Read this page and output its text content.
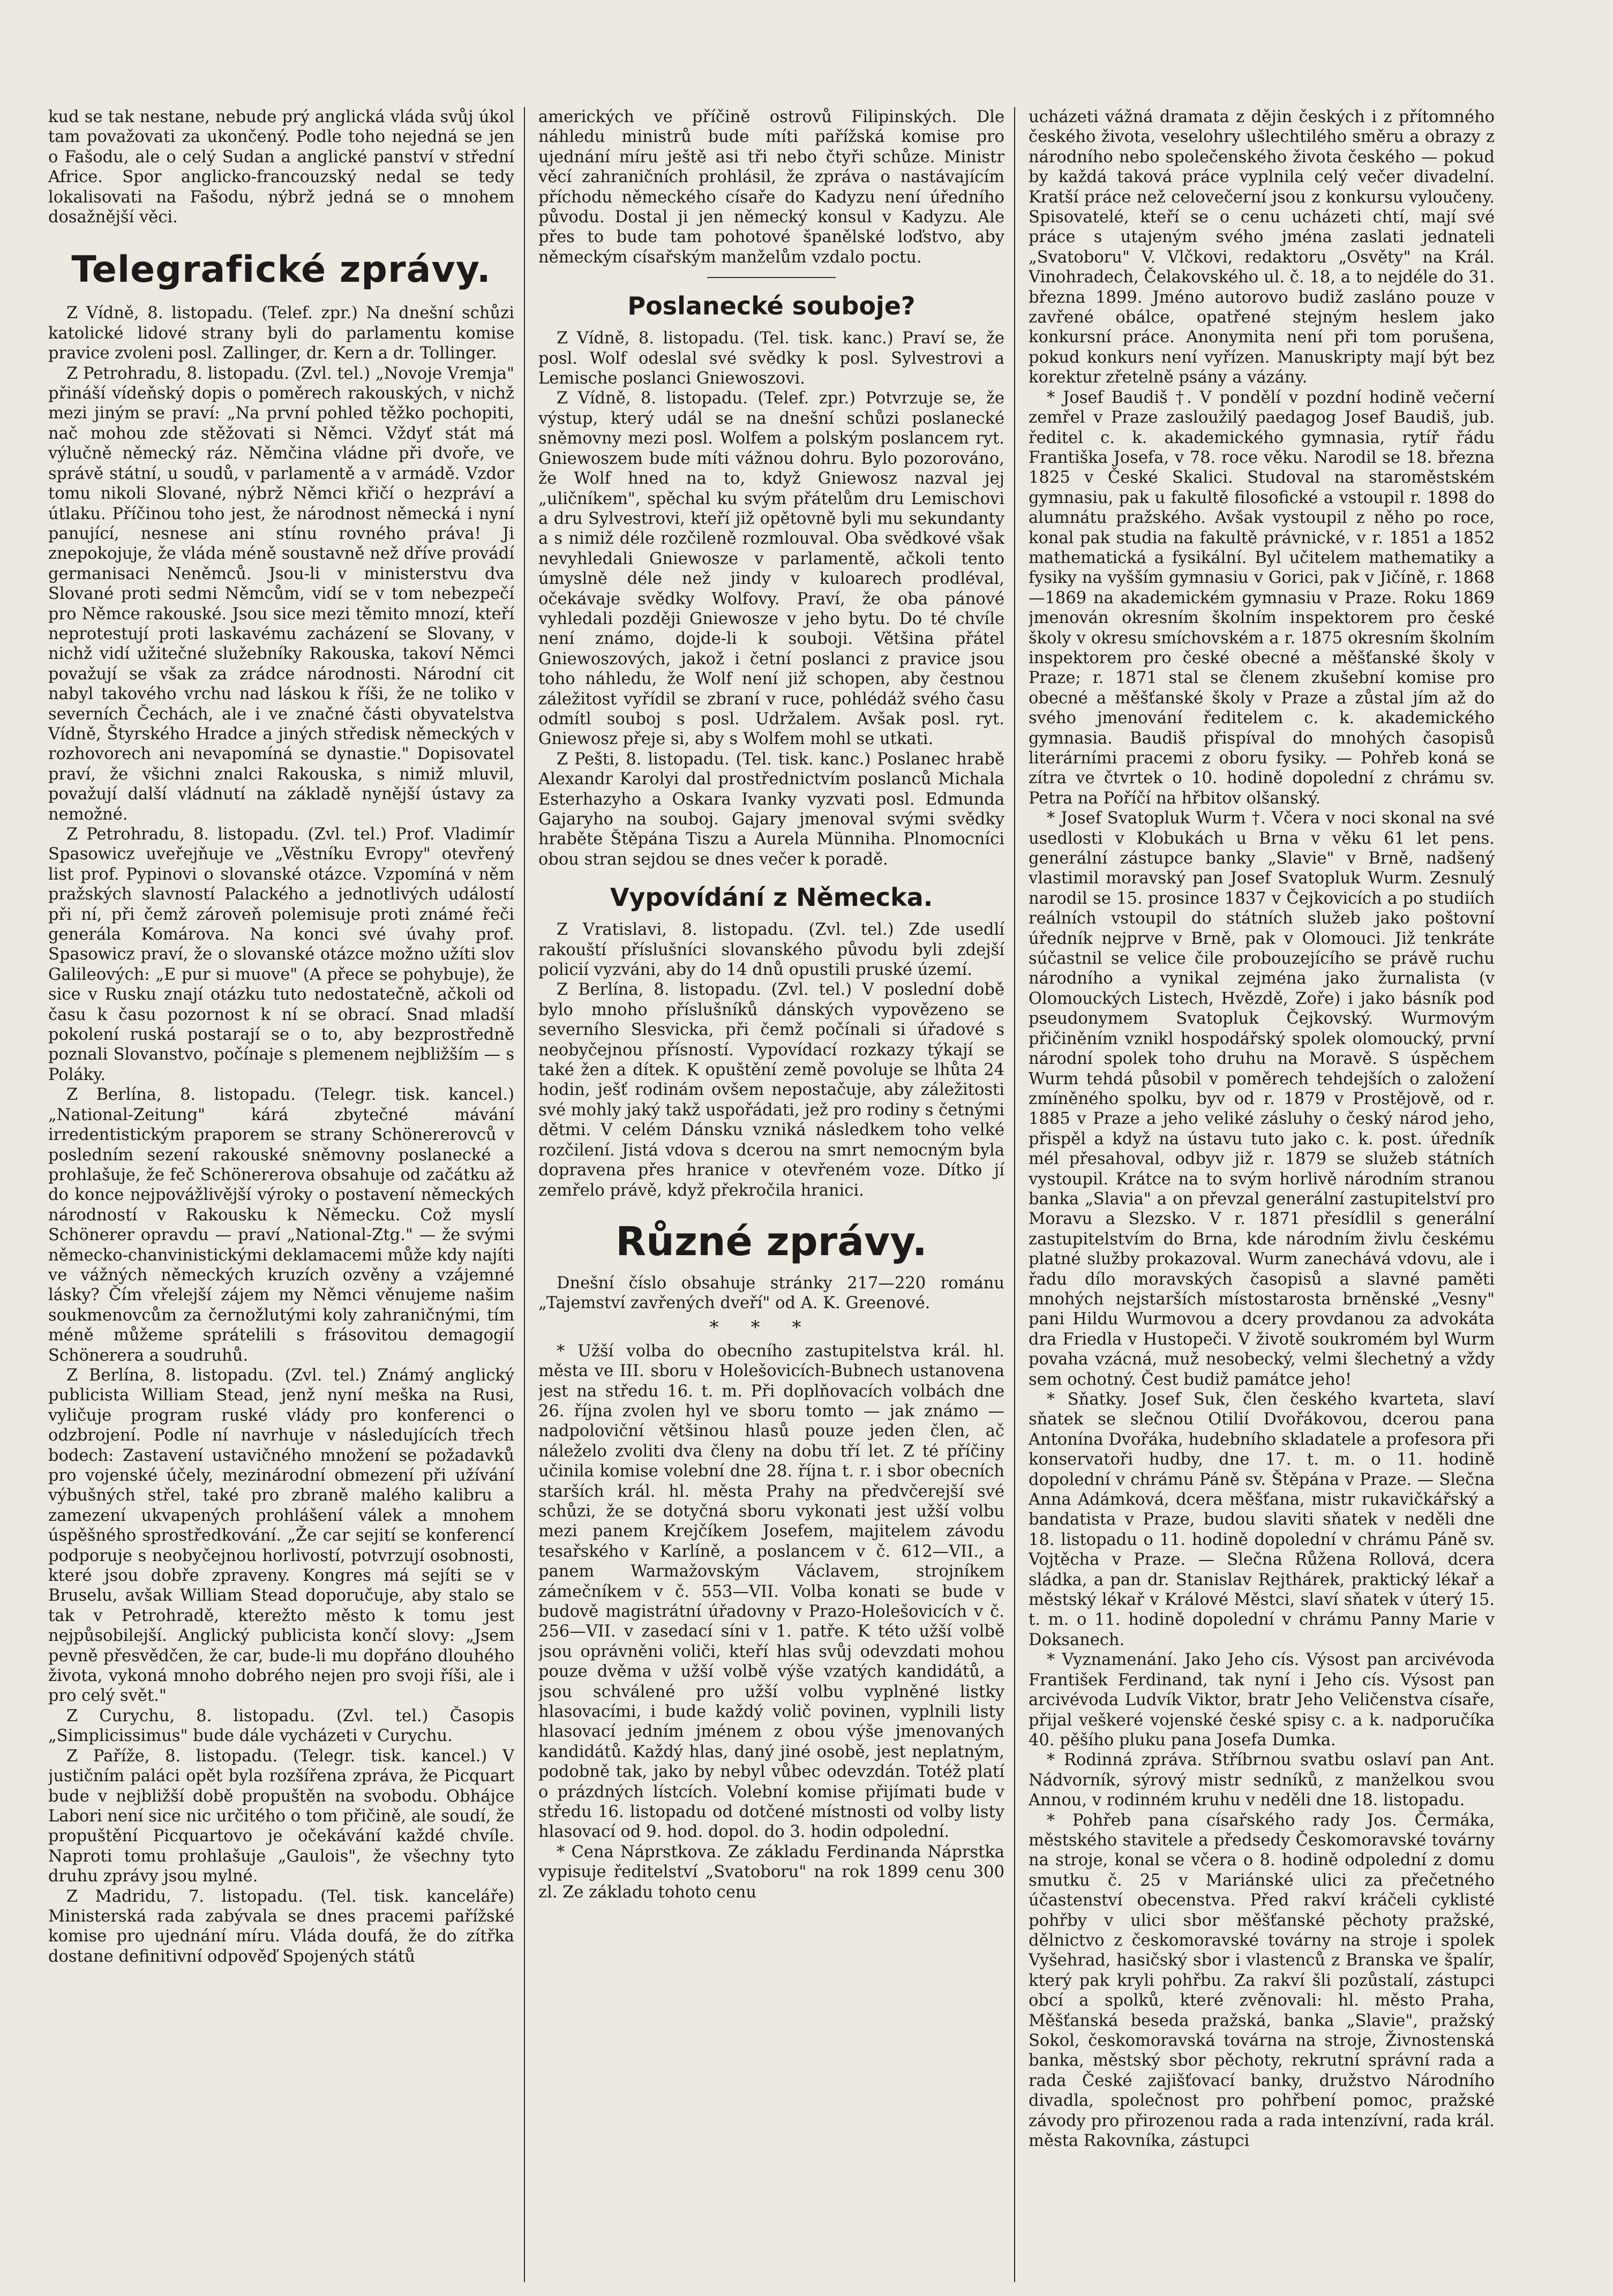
kud se tak nestane, nebude prý anglická vláda svůj úkol tam považovati za ukončený. Podle toho nejedná se jen o Fašodu, ale o celý Sudan a anglické panství v střední Africe. Spor anglicko-francouzský nedal se tedy lokalisovati na Fašodu, nýbrž jedná se o mnohem dosažnější věci.

Telegrafické zprávy.

Z Vídně, 8. listopadu. (Telef. zpr.) Na dnešní schůzi katolické lidové strany byli do parlamentu komise pravice zvoleni posl. Zallinger, dr. Kern a dr. Tollinger.

Z Petrohradu, 8. listopadu. (Zvl. tel.) „Novoje Vremja" přináší vídeňský dopis o poměrech rakouských, v nichž mezi jiným se praví: „Na první pohled těžko pochopiti, nač mohou zde stěžovati si Němci. Vždyť stát má výlučně německý ráz. Němčina vládne při dvoře, ve správě státní, u soudů, v parlamentě a v armádě. Vzdor tomu nikoli Slované, nýbrž Němci křičí o hezpráví a útlaku. Příčinou toho jest, že národnost německá i nyní panující, nesnese ani stínu rovného práva! Ji znepokojuje, že vláda méně soustavně než dříve provádí germanisaci Neněmců. Jsou-li v ministerstvu dva Slované proti sedmi Němcům, vidí se v tom nebezpečí pro Němce rakouské. Jsou sice mezi těmito mnozí, kteří neprotestují proti laskavému zacházení se Slovany, v nichž vidí užitečné služebníky Rakouska, takoví Němci považují se však za zrádce národnosti. Národní cit nabyl takového vrchu nad láskou k říši, že ne toliko v severních Čechách, ale i ve značné části obyvatelstva Vídně, Štyrského Hradce a jiných středisk německých v rozhovorech ani nevapomíná se dynastie." Dopisovatel praví, že všichni znalci Rakouska, s nimiž mluvil, považují další vládnutí na základě nynější ústavy za nemožné.

Z Petrohradu, 8. listopadu. (Zvl. tel.) Prof. Vladimír Spasowicz uveřejňuje ve „Věstníku Evropy" otevřený list prof. Pypinovi o slovanské otázce. Vzpomíná v něm pražských slavností Palackého a jednotlivých událostí při ní, při čemž zároveň polemisuje proti známé řeči generála Komárova. Na konci své úvahy prof. Spasowicz praví, že o slovanské otázce možno užíti slov Galileových: „E pur si muove" (A přece se pohybuje), že sice v Rusku znají otázku tuto nedostatečně, ačkoli od času k času pozornost k ní se obrací. Snad mladší pokolení ruská postarají se o to, aby bezprostředně poznali Slovanstvo, počínaje s plemenem nejbližším — s Poláky.

Z Berlína, 8. listopadu. (Telegr. tisk. kancel.) „National-Zeitung" kárá zbytečné mávání irredentistickým praporem se strany Schönererovců v posledním sezení rakouské sněmovny poslanecké a prohlašuje, že feč Schönererova obsahuje od začátku až do konce nejpovážlivější výroky o postavení německých národností v Rakousku k Německu. Což myslí Schönerer opravdu — praví „National-Ztg." — že svými německo-chanvinistickými deklamacemi může kdy najíti ve vážných německých kruzích ozvěny a vzájemné lásky? Čím vřelejší zájem my Němci věnujeme našim soukmenovcům za černožlutými koly zahraničnými, tím méně můžeme sprátelili s frásovitou demagogií Schönerera a soudruhů.

Z Berlína, 8. listopadu. (Zvl. tel.) Známý anglický publicista William Stead, jenž nyní meška na Rusi, vyličuje program ruské vlády pro konferenci o odzbrojení. Podle ní navrhuje v následujících třech bodech: Zastavení ustavičného množení se požadavků pro vojenské účely, mezinárodní obmezení při užívání výbušných střel, také pro zbraně malého kalibru a zamezení ukvapených prohlášení válek a mnohem úspěšného sprostředkování. „Že car sejití se konferencí podporuje s neobyčejnou horlivostí, potvrzují osobnosti, které jsou dobře zpraveny. Kongres má sejíti se v Bruselu, avšak William Stead doporučuje, aby stalo se tak v Petrohradě, kterežto město k tomu jest nejpůsobilejší. Anglický publicista končí slovy: „Jsem pevně přesvědčen, že car, bude-li mu dopřáno dlouhého života, vykoná mnoho dobrého nejen pro svoji říši, ale i pro celý svět."

Z Curychu, 8. listopadu. (Zvl. tel.) Časopis „Simplicissimus" bude dále vycházeti v Curychu.

Z Paříže, 8. listopadu. (Telegr. tisk. kancel.) V justičním paláci opět byla rozšířena zpráva, že Picquart bude v nejbližší době propuštěn na svobodu. Obhájce Labori není sice nic určitého o tom přičině, ale soudí, že propuštění Picquartovo je očekávání každé chvíle. Naproti tomu prohlašuje „Gaulois", že všechny tyto druhu zprávy jsou mylné.

Z Madridu, 7. listopadu. (Tel. tisk. kanceláře) Ministerská rada zabývala se dnes pracemi pařížské komise pro ujednání míru. Vláda doufá, že do zítřka dostane definitivní odpověď Spojených států

amerických ve příčině ostrovů Filipinských. Dle náhledu ministrů bude míti pařížská komise pro ujednání míru ještě asi tři nebo čtyři schůze. Ministr věcí zahraničních prohlásil, že zpráva o nastávajícím příchodu německého císaře do Kadyzu není úředního původu. Dostal ji jen německý konsul v Kadyzu. Ale přes to bude tam pohotové španělské loďstvo, aby německým císařským manželům vzdalo poctu.

Poslanecké souboje?

Z Vídně, 8. listopadu. (Tel. tisk. kanc.) Praví se, že posl. Wolf odeslal své svědky k posl. Sylvestrovi a Lemische poslanci Gniewoszovi.

Z Vídně, 8. listopadu. (Telef. zpr.) Potvrzuje se, že výstup, který udál se na dnešní schůzi poslanecké sněmovny mezi posl. Wolfem a polským poslancem ryt. Gniewoszem bude míti vážnou dohru. Bylo pozorováno, že Wolf hned na to, když Gniewosz nazval jej „uličníkem", spěchal ku svým přátelům dru Lemischovi a dru Sylvestrovi, kteří již opětovně byli mu sekundanty a s nimiž déle rozčileně rozmlouval. Oba svědkové však nevyhledali Gniewosze v parlamentě, ačkoli tento úmyslně déle než jindy v kuloarech prodléval, očekávaje svědky Wolfovy. Praví, že oba pánové vyhledali později Gniewosze v jeho bytu. Do té chvíle není známo, dojde-li k souboji. Většina přátel Gniewoszových, jakož i četní poslanci z pravice jsou toho náhledu, že Wolf není již schopen, aby čestnou záležitost vyřídil se zbraní v ruce, pohlédáž svého času odmítl souboj s posl. Udržalem. Avšak posl. ryt. Gniewosz přeje si, aby s Wolfem mohl se utkati.

Z Pešti, 8. listopadu. (Tel. tisk. kanc.) Poslanec hrabě Alexandr Karolyi dal prostřednictvím poslanců Michala Esterhazyho a Oskara Ivanky vyzvati posl. Edmunda Gajaryho na souboj. Gajary jmenoval svými svědky hraběte Štěpána Tiszu a Aurela Münniha. Plnomocníci obou stran sejdou se dnes večer k poradě.

Vypovídání z Německa.

Z Vratislavi, 8. listopadu. (Zvl. tel.) Zde usedlí rakouští příslušníci slovanského původu byli zdejší policií vyzváni, aby do 14 dnů opustili pruské území.

Z Berlína, 8. listopadu. (Zvl. tel.) V poslední době bylo mnoho příslušníků dánských vypovězeno se severního Slesvicka, při čemž počínali si úřadové s neobyčejnou přísností. Vypovídací rozkazy týkají se také žen a dítek. K opuštění země povoluje se lhůta 24 hodin, ješť rodinám ovšem nepostačuje, aby záležitosti své mohly jaký takž uspořádati, jež pro rodiny s četnými dětmi. V celém Dánsku vzniká následkem toho velké rozčilení. Jistá vdova s dcerou na smrt nemocným byla dopravena přes hranice v otevřeném voze. Dítko jí zemřelo právě, když překročila hranici.

Různé zprávy.

Dnešní číslo obsahuje stránky 217—220 románu „Tajemství zavřených dveří" od A. K. Greenové.

***

* Užší volba do obecního zastupitelstva král. hl. města ve III. sboru v Holešovicích-Bubnech ustanovena jest na středu 16. t. m. Při doplňovacích volbách dne 26. října zvolen hyl ve sboru tomto — jak známo — nadpoloviční většinou hlasů pouze jeden člen, ač náleželo zvoliti dva členy na dobu tří let. Z té příčiny učinila komise volební dne 28. října t. r. i sbor obecních starších král. hl. města Prahy na předvčerejší své schůzi, že se dotyčná sboru vykonati jest užší volbu mezi panem Krejčíkem Josefem, majitelem závodu tesařského v Karlíně, a poslancem v č. 612—VII., a panem Warmažovským Václavem, strojníkem zámečníkem v č. 553—VII. Volba konati se bude v budově magistrátní úřadovny v Prazo-Holešovicích v č. 256—VII. v zasedací síni v 1. patře. K této užší volbě jsou oprávněni voliči, kteří hlas svůj odevzdati mohou pouze dvěma v užší volbě výše vzatých kandidátů, a jsou schválené pro užší volbu vyplněné listky hlasovacími, i bude každý volič povinen, vyplnili listy hlasovací jedním jménem z obou výše jmenovaných kandidátů. Každý hlas, daný jiné osobě, jest neplatným, podobně tak, jako by nebyl vůbec odevzdán. Totéž platí o prázdných lístcích. Volební komise přijímati bude v středu 16. listopadu od dotčené místnosti od volby listy hlasovací od 9. hod. dopol. do 3. hodin odpolední.

* Cena Náprstkova. Ze základu Ferdinanda Náprstka vypisuje ředitelství „Svatoboru" na rok 1899 cenu 300 zl. Ze základu tohoto cenu

ucházeti vážná dramata z dějin českých i z přítomného českého života, veselohry ušlechtilého směru a obrazy z národního nebo společenského života českého — pokud by každá taková práce vyplnila celý večer divadelní. Kratší práce než celovečerní jsou z konkursu vyloučeny. Spisovatelé, kteří se o cenu ucházeti chtí, mají své práce s utajeným svého jména zaslati jednateli „Svatoboru" V. Vlčkovi, redaktoru „Osvěty" na Král. Vinohradech, Čelakovského ul. č. 18, a to nejdéle do 31. března 1899. Jméno autorovo budiž zasláno pouze v zavřené obálce, opatřené stejným heslem jako konkursní práce. Anonymita není při tom porušena, pokud konkurs není vyřízen. Manuskripty mají být bez korektur zřetelně psány a vázány.

* Josef Baudiš †. V pondělí v pozdní hodině večerní zemřel v Praze zasloužilý paedagog Josef Baudiš, jub. ředitel c. k. akademického gymnasia, rytíř řádu Františka Josefa, v 78. roce věku. Narodil se 18. března 1825 v České Skalici. Studoval na staroměstském gymnasiu, pak u fakultě filosofické a vstoupil r. 1898 do alumnátu pražského. Avšak vystoupil z něho po roce, konal pak studia na fakultě právnické, v r. 1851 a 1852 mathematická a fysikální. Byl učitelem mathematiky a fysiky na vyšším gymnasiu v Gorici, pak v Jičíně, r. 1868—1869 na akademickém gymnasiu v Praze. Roku 1869 jmenován okresním školním inspektorem pro české školy v okresu smíchovském a r. 1875 okresním školním inspektorem pro české obecné a měšťanské školy v Praze; r. 1871 stal se členem zkušební komise pro obecné a měšťanské školy v Praze a zůstal jím až do svého jmenování ředitelem c. k. akademického gymnasia. Baudiš přispíval do mnohých časopisů literárními pracemi z oboru fysiky. — Pohřeb koná se zítra ve čtvrtek o 10. hodině dopolední z chrámu sv. Petra na Poříčí na hřbitov olšanský.

* Josef Svatopluk Wurm †. Včera v noci skonal na své usedlosti v Klobukách u Brna v věku 61 let pens. generální zástupce banky „Slavie" v Brně, nadšený vlastimil moravský pan Josef Svatopluk Wurm. Zesnulý narodil se 15. prosince 1837 v Čejkovicích a po studiích reálních vstoupil do státních služeb jako poštovní úředník nejprve v Brně, pak v Olomouci. Již tenkráte súčastnil se velice čile probouzejícího se právě ruchu národního a vynikal zejména jako žurnalista (v Olomouckých Listech, Hvězdě, Zoře) i jako básník pod pseudonymem Svatopluk Čejkovský. Wurmovým přičiněním vznikl hospodářský spolek olomoucký, první národní spolek toho druhu na Moravě. S úspěchem Wurm tehdá působil v poměrech tehdejších o založení zmíněného spolku, byv od r. 1879 v Prostějově, od r. 1885 v Praze a jeho veliké zásluhy o český národ jeho, přispěl a když na ústavu tuto jako c. k. post. úředník mél přesahoval, odbyv již r. 1879 se služeb státních vystoupil. Krátce na to svým horlivě národním stranou banka „Slavia" a on převzal generální zastupitelství pro Moravu a Slezsko. V r. 1871 přesídlil s generální zastupitelstvím do Brna, kde národním živlu českému platné služby prokazoval. Wurm zanechává vdovu, ale i řadu dílo moravských časopisů a slavné paměti mnohých nejstarších místostarosta brněnské „Vesny" pani Hildu Wurmovou a dcery provdanou za advokáta dra Friedla v Hustopeči. V životě soukromém byl Wurm povaha vzácná, muž nesobecký, velmi šlechetný a vždy sem ochotný. Čest budiž památce jeho!

* Sňatky. Josef Suk, člen českého kvarteta, slaví sňatek se slečnou Otilií Dvořákovou, dcerou pana Antonína Dvořáka, hudebního skladatele a profesora při konservatoři hudby, dne 17. t. m. o 11. hodině dopolední v chrámu Páně sv. Štěpána v Praze. — Slečna Anna Adámková, dcera měšťana, mistr rukavičkářský a bandatista v Praze, budou slaviti sňatek v neděli dne 18. listopadu o 11. hodině dopolední v chrámu Páně sv. Vojtěcha v Praze. — Slečna Růžena Rollová, dcera sládka, a pan dr. Stanislav Rejthárek, praktický lékař a městský lékař v Králové Městci, slaví sňatek v úterý 15. t. m. o 11. hodině dopolední v chrámu Panny Marie v Doksanech.

* Vyznamenání. Jako Jeho cís. Výsost pan arcivévoda František Ferdinand, tak nyní i Jeho cís. Výsost pan arcivévoda Ludvík Viktor, bratr Jeho Veličenstva císaře, přijal veškeré vojenské české spisy c. a k. nadporučíka 40. pěšího pluku pana Josefa Dumka.

* Rodinná zpráva. Stříbrnou svatbu oslaví pan Ant. Nádvorník, sýrový mistr sedníků, z manželkou svou Annou, v rodinném kruhu v neděli dne 18. listopadu.

* Pohřeb pana císařského rady Jos. Čermáka, městského stavitele a předsedy Českomoravské továrny na stroje, konal se včera o 8. hodině odpolední z domu smutku č. 25 v Mariánské ulici za přečetného účastenství obecenstva. Před rakví kráčeli cyklisté pohřby v ulici sbor měšťanské pěchoty pražské, dělnictvo z českomoravské továrny na stroje i spolek Vyšehrad, hasičský sbor i vlastenců z Branska ve špalír, který pak kryli pohřbu. Za rakví šli pozůstalí, zástupci obcí a spolků, které zvěnovali: hl. město Praha, Měšťanská beseda pražská, banka „Slavie", pražský Sokol, českomoravská továrna na stroje, Živnostenská banka, městský sbor pěchoty, rekrutní správní rada a rada České zajišťovací banky, družstvo Národního divadla, společnost pro pohřbení pomoc, pražské závody pro přirozenou rada a rada intenzívní, rada král. města Rakovníka, zástupci
